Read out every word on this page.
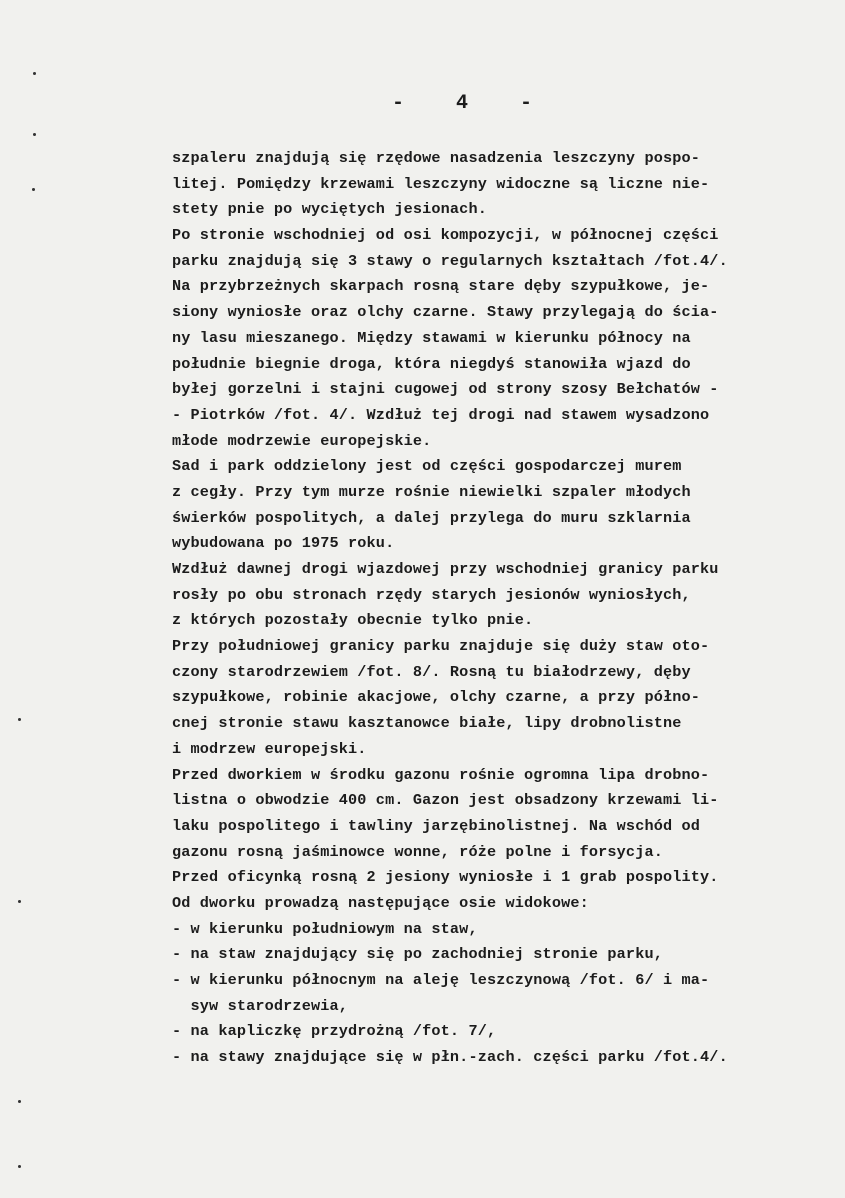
- 4 -
szpaleru znajdują się rzędowe nasadzenia leszczyny pospo-
litej. Pomiędzy krzewami leszczyny widoczne są liczne nie-
stety pnie po wyciętych jesionach.
Po stronie wschodniej od osi kompozycji, w północnej części
parku znajdują się 3 stawy o regularnych kształtach /fot.4/.
Na przybrzeżnych skarpach rosną stare dęby szypułkowe, je-
siony wyniosłe oraz olchy czarne. Stawy przylegają do ścia-
ny lasu mieszanego. Między stawami w kierunku północy na
południe biegnie droga, która niegdyś stanowiła wjazd do
byłej gorzelni i stajni cugowej od strony szosy Bełchatów -
- Piotrków /fot. 4/. Wzdłuż tej drogi nad stawem wysadzono
młode modrzewie europejskie.
Sad i park oddzielony jest od części gospodarczej murem
z cegły. Przy tym murze rośnie niewielki szpaler młodych
świerków pospolitych, a dalej przylega do muru szklarnia
wybudowana po 1975 roku.
Wzdłuż dawnej drogi wjazdowej przy wschodniej granicy parku
rosły po obu stronach rzędy starych jesionów wyniosłych,
z których pozostały obecnie tylko pnie.
Przy południowej granicy parku znajduje się duży staw oto-
czony starodrzewiem /fot. 8/. Rosną tu białodrzewy, dęby
szypułkowe, robinie akacjowe, olchy czarne, a przy półno-
cnej stronie stawu kasztanowce białe, lipy drobnolistne
i modrzew europejski.
Przed dworkiem w środku gazonu rośnie ogromna lipa drobno-
listna o obwodzie 400 cm. Gazon jest obsadzony krzewami li-
laku pospolitego i tawliny jarzębinolistnej. Na wschód od
gazonu rosną jaśminowce wonne, róże polne i forsycja.
Przed oficynką rosną 2 jesiony wyniosłe i 1 grab pospolity.
Od dworku prowadzą następujące osie widokowe:
- w kierunku południowym na staw,
- na staw znajdujący się po zachodniej stronie parku,
- w kierunku północnym na aleję leszczynową /fot. 6/ i ma-
syw starodrzewia,
- na kapliczkę przydrożną /fot. 7/,
- na stawy znajdujące się w płn.-zach. części parku /fot.4/.
